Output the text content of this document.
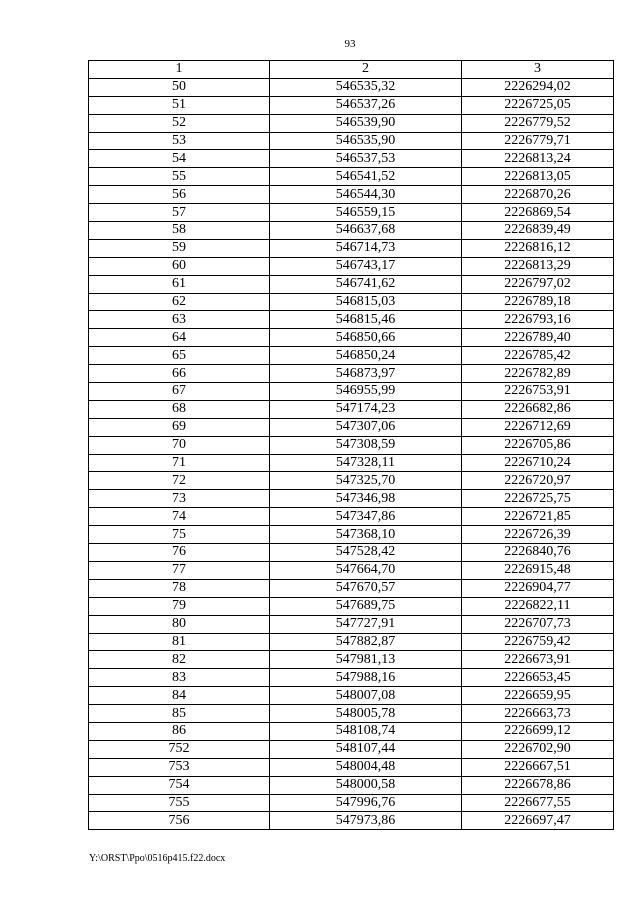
93
1	2	3
50	546535,32	2226294,02
51	546537,26	2226725,05
52	546539,90	2226779,52
53	546535,90	2226779,71
54	546537,53	2226813,24
55	546541,52	2226813,05
56	546544,30	2226870,26
57	546559,15	2226869,54
58	546637,68	2226839,49
59	546714,73	2226816,12
60	546743,17	2226813,29
61	546741,62	2226797,02
62	546815,03	2226789,18
63	546815,46	2226793,16
64	546850,66	2226789,40
65	546850,24	2226785,42
66	546873,97	2226782,89
67	546955,99	2226753,91
68	547174,23	2226682,86
69	547307,06	2226712,69
70	547308,59	2226705,86
71	547328,11	2226710,24
72	547325,70	2226720,97
73	547346,98	2226725,75
74	547347,86	2226721,85
75	547368,10	2226726,39
76	547528,42	2226840,76
77	547664,70	2226915,48
78	547670,57	2226904,77
79	547689,75	2226822,11
80	547727,91	2226707,73
81	547882,87	2226759,42
82	547981,13	2226673,91
83	547988,16	2226653,45
84	548007,08	2226659,95
85	548005,78	2226663,73
86	548108,74	2226699,12
752	548107,44	2226702,90
753	548004,48	2226667,51
754	548000,58	2226678,86
755	547996,76	2226677,55
756	547973,86	2226697,47
Y:\ORST\Ppo\0516p415.f22.docx
